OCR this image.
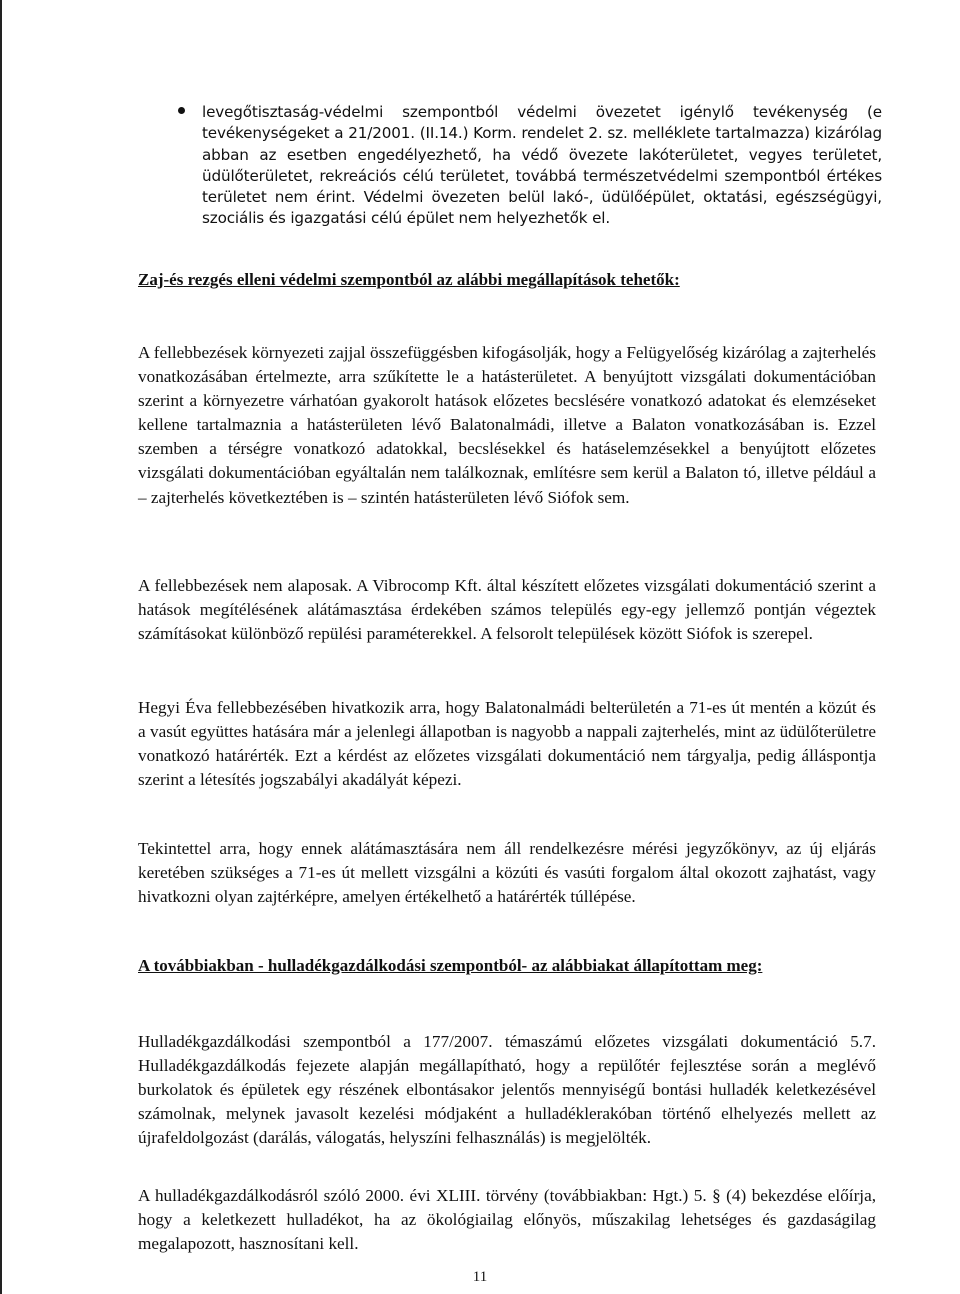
levegőtisztaság-védelmi szempontból védelmi övezetet igénylő tevékenység (e tevékenységeket a 21/2001. (II.14.) Korm. rendelet 2. sz. melléklete tartalmazza) kizárólag abban az esetben engedélyezhető, ha védő övezete lakóterületet, vegyes területet, üdülőterületet, rekreációs célú területet, továbbá természetvédelmi szempontból értékes területet nem érint. Védelmi övezeten belül lakó-, üdülőépület, oktatási, egészségügyi, szociális és igazgatási célú épület nem helyezhetők el.

Zaj-és rezgés elleni védelmi szempontból az alábbi megállapítások tehetők:

A fellebbezések környezeti zajjal összefüggésben kifogásolják, hogy a Felügyelőség kizárólag a zajterhelés vonatkozásában értelmezte, arra szűkítette le a hatásterületet. A benyújtott vizsgálati dokumentációban szerint a környezetre várhatóan gyakorolt hatások előzetes becslésére vonatkozó adatokat és elemzéseket kellene tartalmaznia a hatásterületen lévő Balatonalmádi, illetve a Balaton vonatkozásában is. Ezzel szemben a térségre vonatkozó adatokkal, becslésekkel és hatáselemzésekkel a benyújtott előzetes vizsgálati dokumentációban egyáltalán nem találkoznak, említésre sem kerül a Balaton tó, illetve például a – zajterhelés következtében is – szintén hatásterületen lévő Siófok sem.

A fellebbezések nem alaposak. A Vibrocomp Kft. által készített előzetes vizsgálati dokumentáció szerint a hatások megítélésének alátámasztása érdekében számos település egy-egy jellemző pontján végeztek számításokat különböző repülési paraméterekkel. A felsorolt települések között Siófok is szerepel.

Hegyi Éva fellebbezésében hivatkozik arra, hogy Balatonalmádi belterületén a 71-es út mentén a közút és a vasút együttes hatására már a jelenlegi állapotban is nagyobb a nappali zajterhelés, mint az üdülőterületre vonatkozó határérték. Ezt a kérdést az előzetes vizsgálati dokumentáció nem tárgyalja, pedig álláspontja szerint a létesítés jogszabályi akadályát képezi.

Tekintettel arra, hogy ennek alátámasztására nem áll rendelkezésre mérési jegyzőkönyv, az új eljárás keretében szükséges a 71-es út mellett vizsgálni a közúti és vasúti forgalom által okozott zajhatást, vagy hivatkozni olyan zajtérképre, amelyen értékelhető a határérték túllépése.

A továbbiakban - hulladékgazdálkodási szempontból- az alábbiakat állapítottam meg:

Hulladékgazdálkodási szempontból a 177/2007. témaszámú előzetes vizsgálati dokumentáció 5.7. Hulladékgazdálkodás fejezete alapján megállapítható, hogy a repülőtér fejlesztése során a meglévő burkolatok és épületek egy részének elbontásakor jelentős mennyiségű bontási hulladék keletkezésével számolnak, melynek javasolt kezelési módjaként a hulladéklerakóban történő elhelyezés mellett az újrafeldolgozást (darálás, válogatás, helyszíni felhasználás) is megjelölték.

A hulladékgazdálkodásról szóló 2000. évi XLIII. törvény (továbbiakban: Hgt.) 5. § (4) bekezdése előírja, hogy a keletkezett hulladékot, ha az ökológiailag előnyös, műszakilag lehetséges és gazdaságilag megalapozott, hasznosítani kell.

11
